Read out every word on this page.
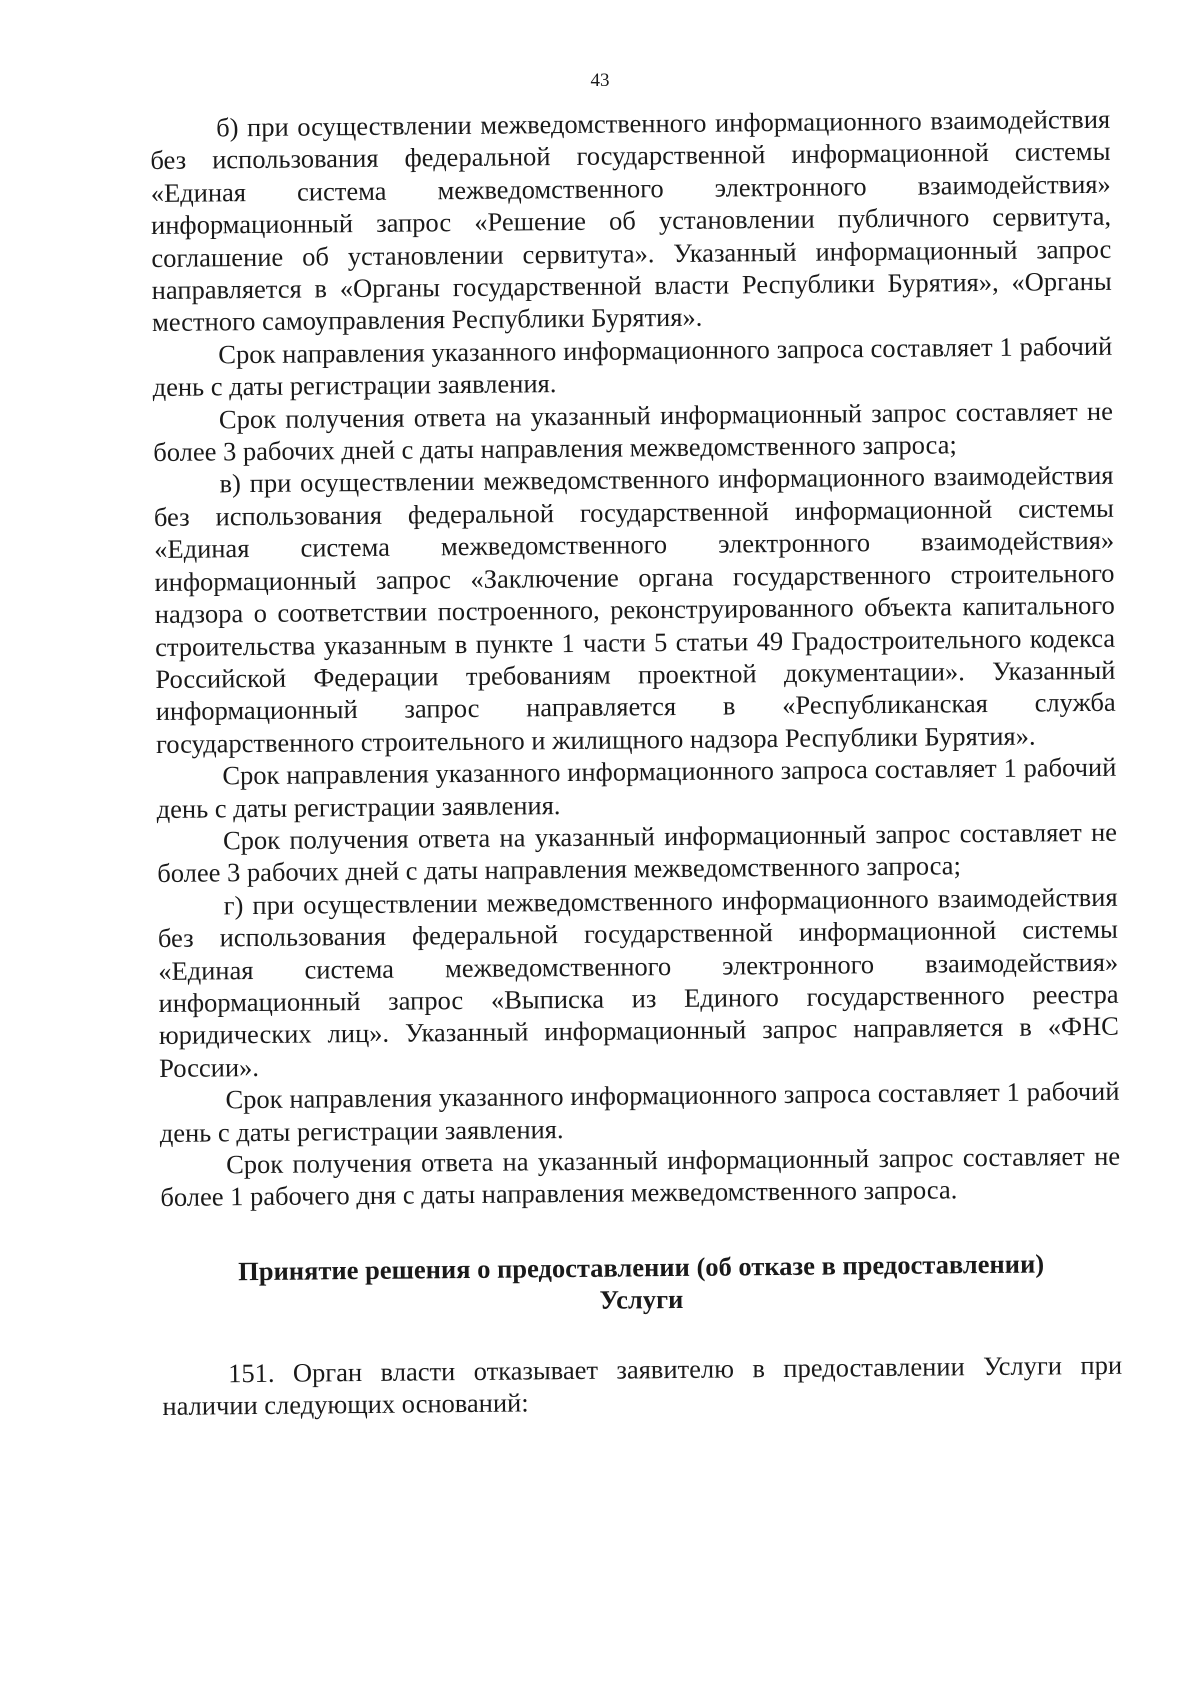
43

б) при осуществлении межведомственного информационного взаимодействия без использования федеральной государственной информационной системы «Единая система межведомственного электронного взаимодействия» информационный запрос «Решение об установлении публичного сервитута, соглашение об установлении сервитута». Указанный информационный запрос направляется в «Органы государственной власти Республики Бурятия», «Органы местного самоуправления Республики Бурятия».

Срок направления указанного информационного запроса составляет 1 рабочий день с даты регистрации заявления.

Срок получения ответа на указанный информационный запрос составляет не более 3 рабочих дней с даты направления межведомственного запроса;

в) при осуществлении межведомственного информационного взаимодействия без использования федеральной государственной информационной системы «Единая система межведомственного электронного взаимодействия» информационный запрос «Заключение органа государственного строительного надзора о соответствии построенного, реконструированного объекта капитального строительства указанным в пункте 1 части 5 статьи 49 Градостроительного кодекса Российской Федерации требованиям проектной документации». Указанный информационный запрос направляется в «Республиканская служба государственного строительного и жилищного надзора Республики Бурятия».

Срок направления указанного информационного запроса составляет 1 рабочий день с даты регистрации заявления.

Срок получения ответа на указанный информационный запрос составляет не более 3 рабочих дней с даты направления межведомственного запроса;

г) при осуществлении межведомственного информационного взаимодействия без использования федеральной государственной информационной системы «Единая система межведомственного электронного взаимодействия» информационный запрос «Выписка из Единого государственного реестра юридических лиц». Указанный информационный запрос направляется в «ФНС России».

Срок направления указанного информационного запроса составляет 1 рабочий день с даты регистрации заявления.

Срок получения ответа на указанный информационный запрос составляет не более 1 рабочего дня с даты направления межведомственного запроса.

Принятие решения о предоставлении (об отказе в предоставлении)
Услуги

151. Орган власти отказывает заявителю в предоставлении Услуги при наличии следующих оснований:
